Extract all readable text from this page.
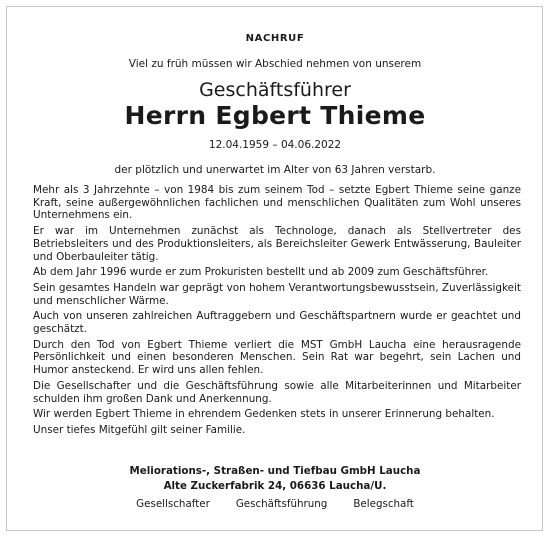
NACHRUF
Viel zu früh müssen wir Abschied nehmen von unserem
Geschäftsführer
Herrn Egbert Thieme
12.04.1959 – 04.06.2022
der plötzlich und unerwartet im Alter von 63 Jahren verstarb.

Mehr als 3 Jahrzehnte – von 1984 bis zum seinem Tod – setzte Egbert Thieme seine ganze Kraft, seine außergewöhnlichen fachlichen und menschlichen Qualitäten zum Wohl unseres Unternehmens ein.

Er war im Unternehmen zunächst als Technologe, danach als Stellvertreter des Betriebsleiters und des Produktionsleiters, als Bereichsleiter Gewerk Entwässerung, Bauleiter und Oberbauleiter tätig.

Ab dem Jahr 1996 wurde er zum Prokuristen bestellt und ab 2009 zum Geschäftsführer.

Sein gesamtes Handeln war geprägt von hohem Verantwortungsbewusstsein, Zuverlässigkeit und menschlicher Wärme.

Auch von unseren zahlreichen Auftraggebern und Geschäftspartnern wurde er geachtet und geschätzt.

Durch den Tod von Egbert Thieme verliert die MST GmbH Laucha eine herausragende Persönlichkeit und einen besonderen Menschen. Sein Rat war begehrt, sein Lachen und Humor ansteckend. Er wird uns allen fehlen.

Die Gesellschafter und die Geschäftsführung sowie alle Mitarbeiterinnen und Mitarbeiter schulden ihm großen Dank und Anerkennung.

Wir werden Egbert Thieme in ehrendem Gedenken stets in unserer Erinnerung behalten.

Unser tiefes Mitgefühl gilt seiner Familie.

Meliorations-, Straßen- und Tiefbau GmbH Laucha
Alte Zuckerfabrik 24, 06636 Laucha/U.
Gesellschafter	Geschäftsführung	Belegschaft
